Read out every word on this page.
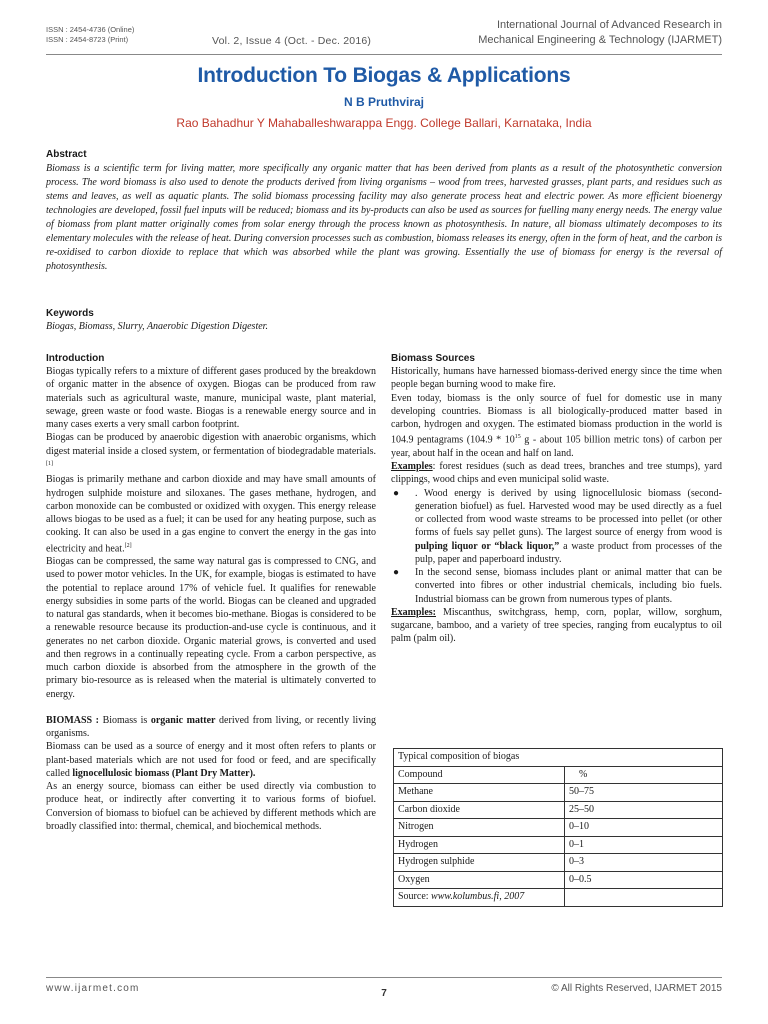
ISSN : 2454-4736 (Online)
ISSN : 2454-8723 (Print)	Vol. 2, Issue 4 (Oct. - Dec. 2016)
International Journal of Advanced Research in
Mechanical Engineering & Technology (IJARMET)
Introduction To Biogas & Applications
N B Pruthviraj
Rao Bahadhur Y Mahaballeshwarappa Engg. College Ballari, Karnataka, India
Abstract
Biomass is a scientific term for living matter, more specifically any organic matter that has been derived from plants as a result of the photosynthetic conversion process. The word biomass is also used to denote the products derived from living organisms – wood from trees, harvested grasses, plant parts, and residues such as stems and leaves, as well as aquatic plants. The solid biomass processing facility may also generate process heat and electric power. As more efficient bioenergy technologies are developed, fossil fuel inputs will be reduced; biomass and its by-products can also be used as sources for fuelling many energy needs. The energy value of biomass from plant matter originally comes from solar energy through the process known as photosynthesis. In nature, all biomass ultimately decomposes to its elementary molecules with the release of heat. During conversion processes such as combustion, biomass releases its energy, often in the form of heat, and the carbon is re-oxidised to carbon dioxide to replace that which was absorbed while the plant was growing. Essentially the use of biomass for energy is the reversal of photosynthesis.
Keywords
Biogas, Biomass, Slurry, Anaerobic Digestion Digester.

Introduction

Biogas typically refers to a mixture of different gases produced by the breakdown of organic matter in the absence of oxygen. Biogas can be produced from raw materials such as agricultural waste, manure, municipal waste, plant material, sewage, green waste or food waste. Biogas is a renewable energy source and in many cases exerts a very small carbon footprint.

Biogas can be produced by anaerobic digestion with anaerobic organisms, which digest material inside a closed system, or fermentation of biodegradable materials.[1]

Biogas is primarily methane and carbon dioxide and may have small amounts of hydrogen sulphide moisture and siloxanes. The gases methane, hydrogen, and carbon monoxide can be combusted or oxidized with oxygen. This energy release allows biogas to be used as a fuel; it can be used for any heating purpose, such as cooking. It can also be used in a gas engine to convert the energy in the gas into electricity and heat.[2]

Biogas can be compressed, the same way natural gas is compressed to CNG, and used to power motor vehicles. In the UK, for example, biogas is estimated to have the potential to replace around 17% of vehicle fuel. It qualifies for renewable energy subsidies in some parts of the world. Biogas can be cleaned and upgraded to natural gas standards, when it becomes bio-methane. Biogas is considered to be a renewable resource because its production-and-use cycle is continuous, and it generates no net carbon dioxide. Organic material grows, is converted and used and then regrows in a continually repeating cycle. From a carbon perspective, as much carbon dioxide is absorbed from the atmosphere in the growth of the primary bio-resource as is released when the material is ultimately converted to energy.

BIOMASS : Biomass is organic matter derived from living, or recently living organisms.

Biomass can be used as a source of energy and it most often refers to plants or plant-based materials which are not used for food or feed, and are specifically called lignocellulosic biomass (Plant Dry Matter).

As an energy source, biomass can either be used directly via combustion to produce heat, or indirectly after converting it to various forms of biofuel. Conversion of biomass to biofuel can be achieved by different methods which are broadly classified into: thermal, chemical, and biochemical methods.

Biomass Sources

Historically, humans have harnessed biomass-derived energy since the time when people began burning wood to make fire.

Even today, biomass is the only source of fuel for domestic use in many developing countries. Biomass is all biologically-produced matter based in carbon, hydrogen and oxygen. The estimated biomass production in the world is 104.9 pentagrams ($104.9 * 10^{15}$ g - about 105 billion metric tons) of carbon per year, about half in the ocean and half on land.

Examples: forest residues (such as dead trees, branches and tree stumps), yard clippings, wood chips and even municipal solid waste.

● . Wood energy is derived by using lignocellulosic biomass (second-generation biofuel) as fuel. Harvested wood may be used directly as a fuel or collected from wood waste streams to be processed into pellet (or other forms of fuels say pellet guns). The largest source of energy from wood is pulping liquor or “black liquor,” a waste product from processes of the pulp, paper and paperboard industry.

● In the second sense, biomass includes plant or animal matter that can be converted into fibres or other industrial chemicals, including bio fuels. Industrial biomass can be grown from numerous types of plants.

Examples: Miscanthus, switchgrass, hemp, corn, poplar, willow, sorghum, sugarcane, bamboo, and a variety of tree species, ranging from eucalyptus to oil palm (palm oil).

Typical composition of biogas	
Compound	%
Methane	50–75
Carbon dioxide	25–50
Nitrogen	0–10
Hydrogen	0–1
Hydrogen sulphide	0–3
Oxygen	0–0.5
Source: www.kolumbus.fi, 2007	
www.ijarmet.com	7	© All Rights Reserved, IJARMET 2015
